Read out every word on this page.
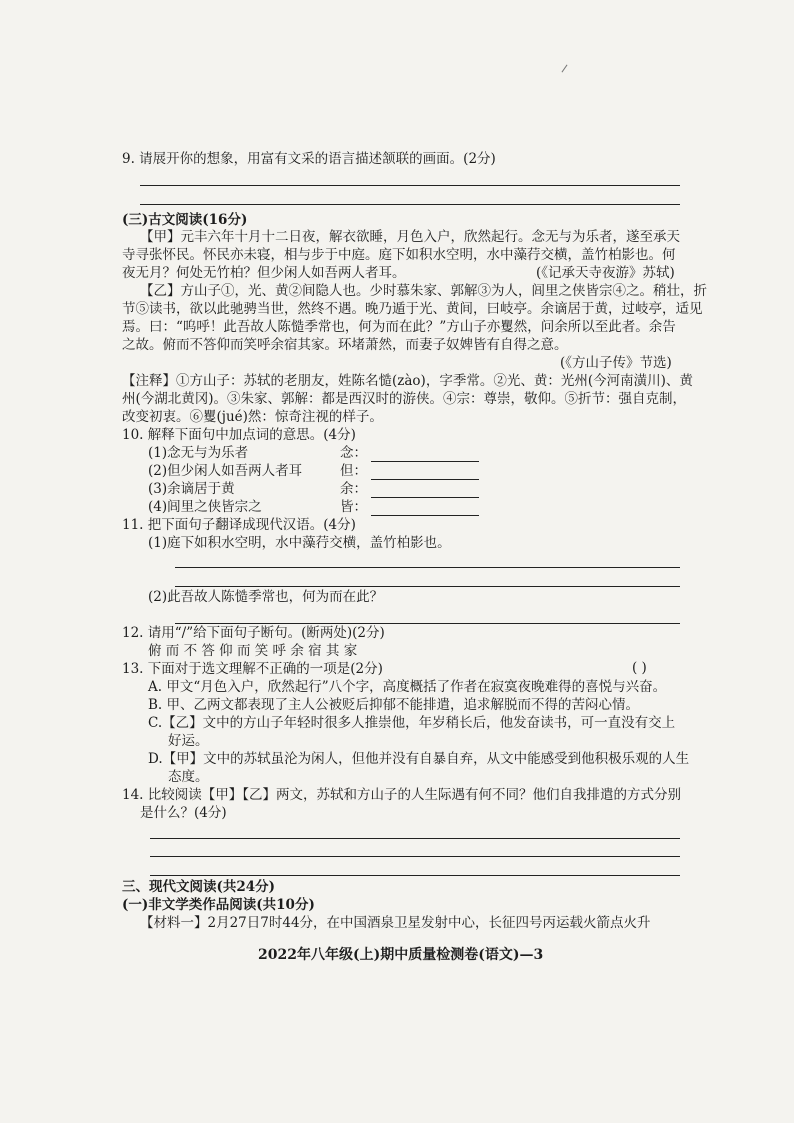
9. 请展开你的想象，用富有文采的语言描述颔联的画面。(2分)
(三)古文阅读(16分)
【甲】元丰六年十月十二日夜，解衣欲睡，月色入户，欣然起行。念无与为乐者，遂至承天
寺寻张怀民。怀民亦未寝，相与步于中庭。庭下如积水空明，水中藻荇交横，盖竹柏影也。何
夜无月？何处无竹柏？但少闲人如吾两人者耳。	(《记承天寺夜游》苏轼)
【乙】方山子①，光、黄②间隐人也。少时慕朱家、郭解③为人，闾里之侠皆宗④之。稍壮，折
节⑤读书，欲以此驰骋当世，然终不遇。晚乃遁于光、黄间，曰岐亭。余谪居于黄，过岐亭，适见
焉。曰：“呜呼！此吾故人陈慥季常也，何为而在此？”方山子亦矍然，问余所以至此者。余告
之故。俯而不答仰而笑呼余宿其家。环堵萧然，而妻子奴婢皆有自得之意。
(《方山子传》节选)
【注释】①方山子：苏轼的老朋友，姓陈名慥(zào)，字季常。②光、黄：光州(今河南潢川)、黄
州(今湖北黄冈)。③朱家、郭解：都是西汉时的游侠。④宗：尊崇，敬仰。⑤折节：强自克制，
改变初衷。⑥矍(jué)然：惊奇注视的样子。
10. 解释下面句中加点词的意思。(4分)
(1)念无与为乐者	念：
(2)但少闲人如吾两人者耳	但：
(3)余谪居于黄	余：
(4)闾里之侠皆宗之	皆：
11. 把下面句子翻译成现代汉语。(4分)
(1)庭下如积水空明，水中藻荇交横，盖竹柏影也。
(2)此吾故人陈慥季常也，何为而在此？
12. 请用“/”给下面句子断句。(断两处)(2分)
俯 而 不 答 仰 而 笑 呼 余 宿 其 家
13. 下面对于选文理解不正确的一项是(2分)	( )
A. 甲文“月色入户，欣然起行”八个字，高度概括了作者在寂寞夜晚难得的喜悦与兴奋。
B. 甲、乙两文都表现了主人公被贬后抑郁不能排遣，追求解脱而不得的苦闷心情。
C.【乙】文中的方山子年轻时很多人推崇他，年岁稍长后，他发奋读书，可一直没有交上
好运。
D.【甲】文中的苏轼虽沦为闲人，但他并没有自暴自弃，从文中能感受到他积极乐观的人生
态度。
14. 比较阅读【甲】【乙】两文，苏轼和方山子的人生际遇有何不同？他们自我排遣的方式分别
是什么？(4分)
三、现代文阅读(共24分)
(一)非文学类作品阅读(共10分)
【材料一】2月27日7时44分，在中国酒泉卫星发射中心，长征四号丙运载火箭点火升
2022年八年级(上)期中质量检测卷(语文)—3
